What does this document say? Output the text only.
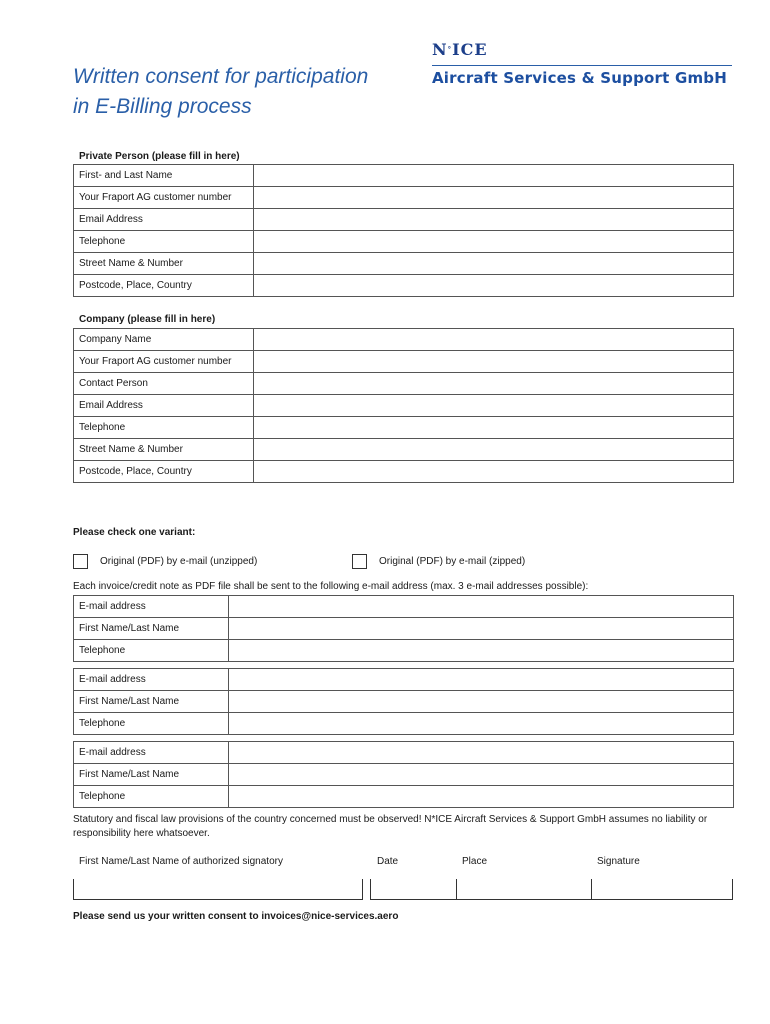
Written consent for participation
in E-Billing process
N°ICE
Aircraft Services & Support GmbH
Private Person (please fill in here)
First- and Last Name	
Your Fraport AG customer number	
Email Address	
Telephone	
Street Name & Number	
Postcode, Place, Country	
Company (please fill in here)
Company Name	
Your Fraport AG customer number	
Contact Person	
Email Address	
Telephone	
Street Name & Number	
Postcode, Place, Country	
Please check one variant:
Original (PDF) by e-mail (unzipped)	Original (PDF) by e-mail (zipped)
Each invoice/credit note as PDF file shall be sent to the following e-mail address (max. 3 e-mail addresses possible):
E-mail address	
First Name/Last Name	
Telephone	
E-mail address	
First Name/Last Name	
Telephone	
E-mail address	
First Name/Last Name	
Telephone	

Statutory and fiscal law provisions of the country concerned must be observed! N*ICE Aircraft Services & Support GmbH assumes no liability or responsibility here whatsoever.

First Name/Last Name of authorized signatory	Date	Place	Signature

Please send us your written consent to invoices@nice-services.aero
